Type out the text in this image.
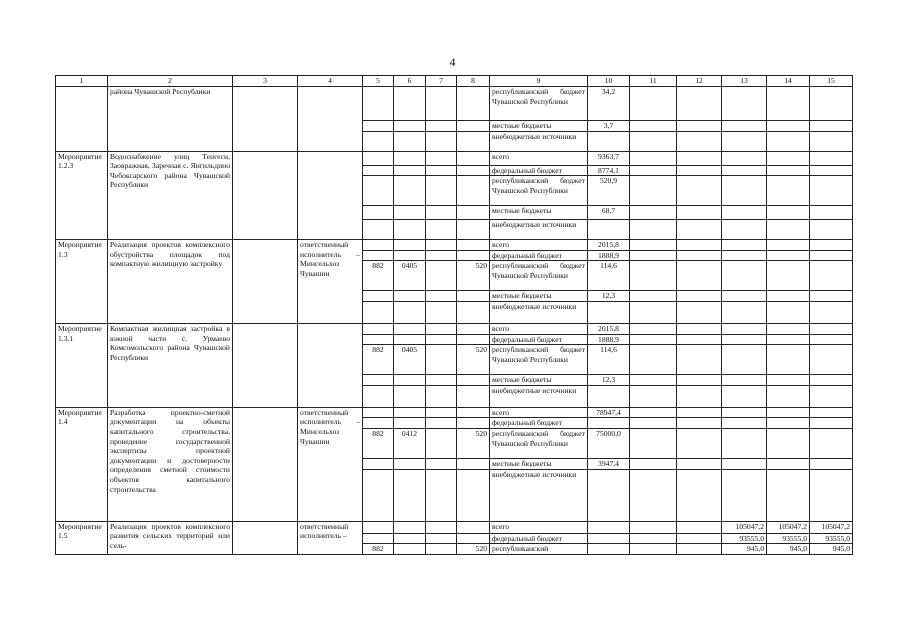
4
1	2	3	4	5	6	7	8	9	10	11	12	13	14	15
	района Чувашской Республики							республиканский бюджет Чувашской Республики	34,2					
								местные бюджеты	3,7					
								внебюджетные источники						
Мероприятие 1.2.3	Водоснабжение улиц Тенгеси, Заовражная, Заречная с. Янгильдино Чебоксарского района Чувашской Республики							всего	9363,7					
								федеральный бюджет	8774,1					
								республиканский бюджет Чувашской Республики	520,9					
								местные бюджеты	68,7					
								внебюджетные источники						
Мероприятие 1.3	Реализация проектов комплексного обустройства площадок под компактную жилищную застройку		ответственный исполнитель – Минсельхоз Чувашии					всего	2015,8					
								федеральный бюджет	1888,9					
				882	0405		520	республиканский бюджет Чувашской Республики	114,6					
								местные бюджеты	12,3					
								внебюджетные источники						
Мероприятие 1.3.1	Компактная жилищная застройка в южной части с. Урмаево Комсомольского района Чувашской Республики							всего	2015,8					
								федеральный бюджет	1888,9					
				882	0405		520	республиканский бюджет Чувашской Республики	114,6					
								местные бюджеты	12,3					
								внебюджетные источники						
Мероприятие 1.4	Разработка проектно-сметной документации на объекты капитального строительства, проведение государственной экспертизы проектной документации и достоверности определения сметной стоимости объектов капитального строительства		ответственный исполнитель – Минсельхоз Чувашии					всего	78947,4					
								федеральный бюджет						
				882	0412		520	республиканский бюджет Чувашской Республики	75000,0					
								местные бюджеты	3947,4					
								внебюджетные источники						
Мероприятие 1.5	Реализация проектов комплексного развития сельских территорий или сель-		ответственный исполнитель –					всего				105047,2	105047,2	105047,2
								федеральный бюджет				93555,0	93555,0	93555,0
				882			520	республиканский				945,0	945,0	945,0
